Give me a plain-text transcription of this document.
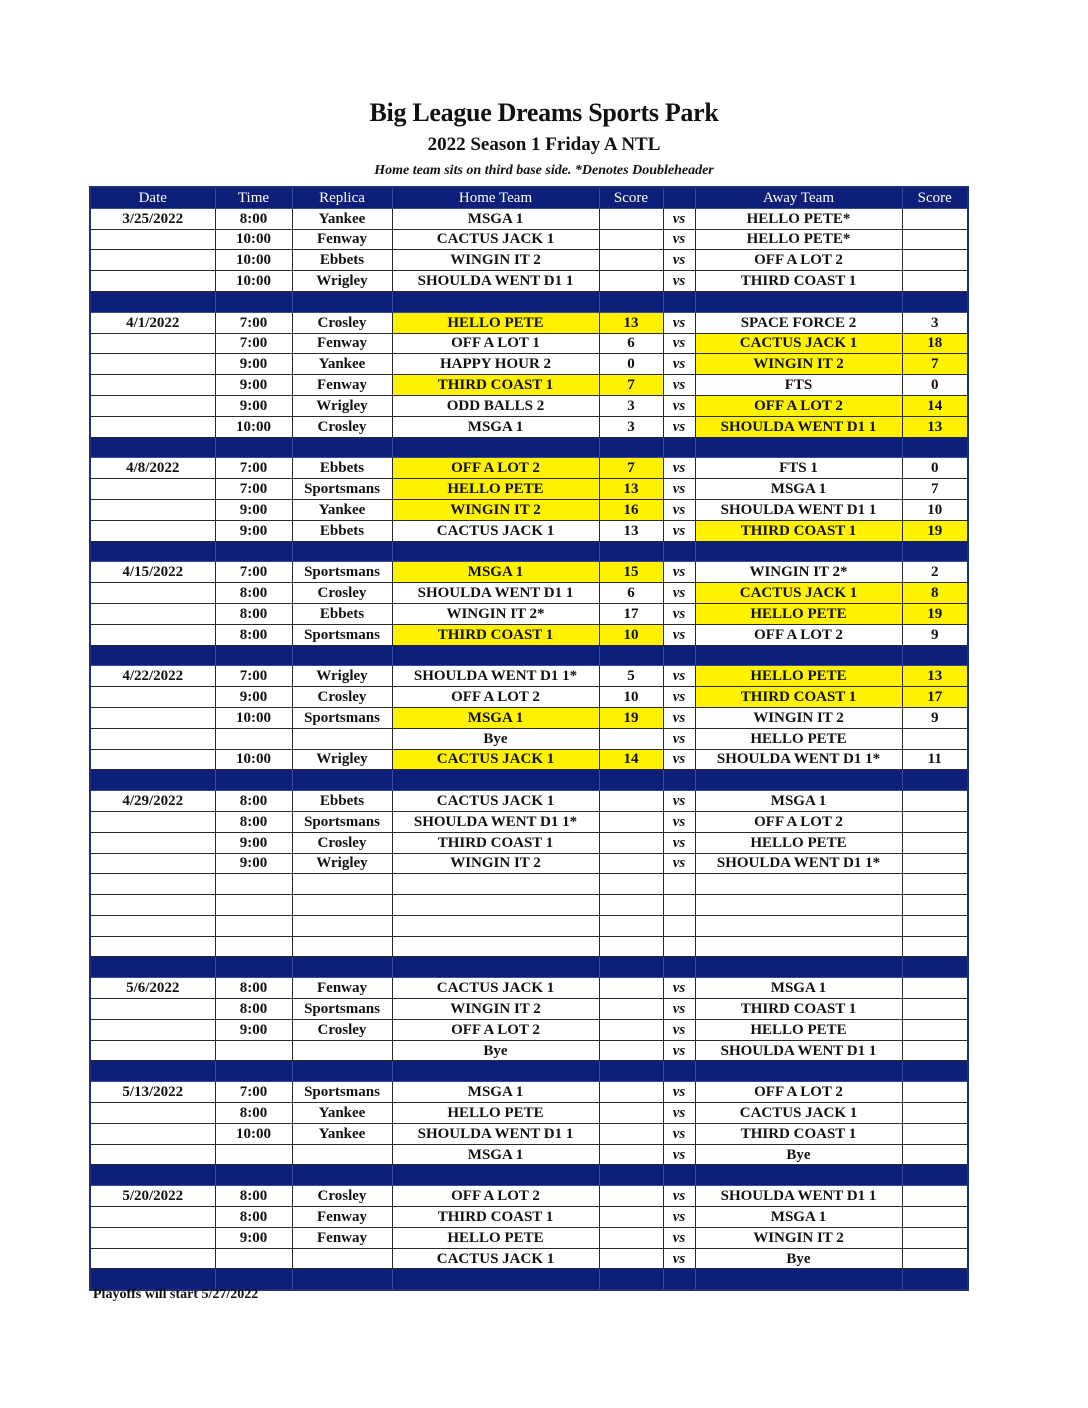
Big League Dreams Sports Park
2022 Season 1 Friday A NTL
Home team sits on third base side. *Denotes Doubleheader
Date	Time	Replica	Home Team	Score		Away Team	Score
3/25/2022	8:00	Yankee	MSGA 1		vs	HELLO PETE*	
	10:00	Fenway	CACTUS JACK 1		vs	HELLO PETE*	
	10:00	Ebbets	WINGIN IT 2		vs	OFF A LOT 2	
	10:00	Wrigley	SHOULDA WENT D1 1		vs	THIRD COAST 1	

4/1/2022	7:00	Crosley	HELLO PETE	13	vs	SPACE FORCE 2	3
	7:00	Fenway	OFF A LOT 1	6	vs	CACTUS JACK 1	18
	9:00	Yankee	HAPPY HOUR 2	0	vs	WINGIN IT 2	7
	9:00	Fenway	THIRD COAST 1	7	vs	FTS	0
	9:00	Wrigley	ODD BALLS 2	3	vs	OFF A LOT 2	14
	10:00	Crosley	MSGA 1	3	vs	SHOULDA WENT D1 1	13

4/8/2022	7:00	Ebbets	OFF A LOT 2	7	vs	FTS 1	0
	7:00	Sportsmans	HELLO PETE	13	vs	MSGA 1	7
	9:00	Yankee	WINGIN IT 2	16	vs	SHOULDA WENT D1 1	10
	9:00	Ebbets	CACTUS JACK 1	13	vs	THIRD COAST 1	19

4/15/2022	7:00	Sportsmans	MSGA 1	15	vs	WINGIN IT 2*	2
	8:00	Crosley	SHOULDA WENT D1 1	6	vs	CACTUS JACK 1	8
	8:00	Ebbets	WINGIN IT 2*	17	vs	HELLO PETE	19
	8:00	Sportsmans	THIRD COAST 1	10	vs	OFF A LOT 2	9

4/22/2022	7:00	Wrigley	SHOULDA WENT D1 1*	5	vs	HELLO PETE	13
	9:00	Crosley	OFF A LOT 2	10	vs	THIRD COAST 1	17
	10:00	Sportsmans	MSGA 1	19	vs	WINGIN IT 2	9
			Bye		vs	HELLO PETE	
	10:00	Wrigley	CACTUS JACK 1	14	vs	SHOULDA WENT D1 1*	11

4/29/2022	8:00	Ebbets	CACTUS JACK 1		vs	MSGA 1	
	8:00	Sportsmans	SHOULDA WENT D1 1*		vs	OFF A LOT 2	
	9:00	Crosley	THIRD COAST 1		vs	HELLO PETE	
	9:00	Wrigley	WINGIN IT 2		vs	SHOULDA WENT D1 1*	

5/6/2022	8:00	Fenway	CACTUS JACK 1		vs	MSGA 1	
	8:00	Sportsmans	WINGIN IT 2		vs	THIRD COAST 1	
	9:00	Crosley	OFF A LOT 2		vs	HELLO PETE	
			Bye		vs	SHOULDA WENT D1 1	

5/13/2022	7:00	Sportsmans	MSGA 1		vs	OFF A LOT 2	
	8:00	Yankee	HELLO PETE		vs	CACTUS JACK 1	
	10:00	Yankee	SHOULDA WENT D1 1		vs	THIRD COAST 1	
			MSGA 1		vs	Bye	

5/20/2022	8:00	Crosley	OFF A LOT 2		vs	SHOULDA WENT D1 1	
	8:00	Fenway	THIRD COAST 1		vs	MSGA 1	
	9:00	Fenway	HELLO PETE		vs	WINGIN IT 2	
			CACTUS JACK 1		vs	Bye	

Playoffs will start 5/27/2022
